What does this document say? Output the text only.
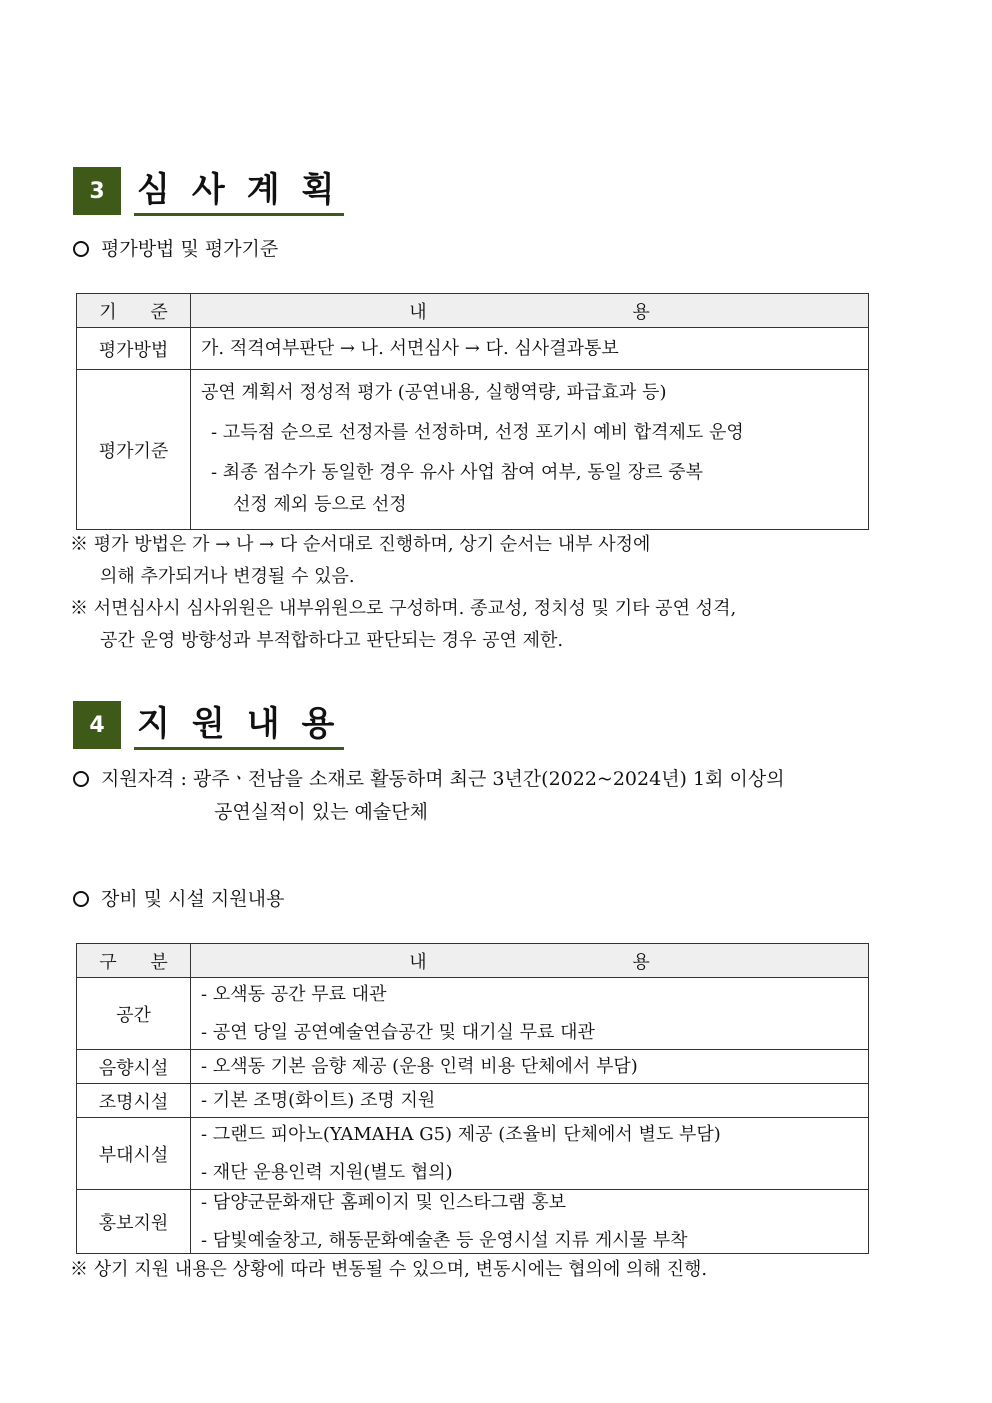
3 심사계획
평가방법 및 평가기준
기 준	내 용
평가방법	가. 적격여부판단 → 나. 서면심사 → 다. 심사결과통보

평가기준	공연 계획서 정성적 평가 (공연내용, 실행역량, 파급효과 등)
- 고득점 순으로 선정자를 선정하며, 선정 포기시 예비 합격제도 운영
- 최종 점수가 동일한 경우 유사 사업 참여 여부, 동일 장르 중복
선정 제외 등으로 선정
※ 평가 방법은 가 → 나 → 다 순서대로 진행하며, 상기 순서는 내부 사정에
의해 추가되거나 변경될 수 있음.
※ 서면심사시 심사위원은 내부위원으로 구성하며. 종교성, 정치성 및 기타 공연 성격,
공간 운영 방향성과 부적합하다고 판단되는 경우 공연 제한.
4 지원내용
지원자격 : 광주ㆍ전남을 소재로 활동하며 최근 3년간(2022~2024년) 1회 이상의
공연실적이 있는 예술단체
장비 및 시설 지원내용
구 분	내 용
공간	- 오색동 공간 무료 대관
- 공연 당일 공연예술연습공간 및 대기실 무료 대관

음향시설	- 오색동 기본 음향 제공 (운용 인력 비용 단체에서 부담)

조명시설	- 기본 조명(화이트) 조명 지원

부대시설	- 그랜드 피아노(YAMAHA G5) 제공 (조율비 단체에서 별도 부담)
- 재단 운용인력 지원(별도 협의)

홍보지원	- 담양군문화재단 홈페이지 및 인스타그램 홍보
- 담빛예술창고, 해동문화예술촌 등 운영시설 지류 게시물 부착
※ 상기 지원 내용은 상황에 따라 변동될 수 있으며, 변동시에는 협의에 의해 진행.
